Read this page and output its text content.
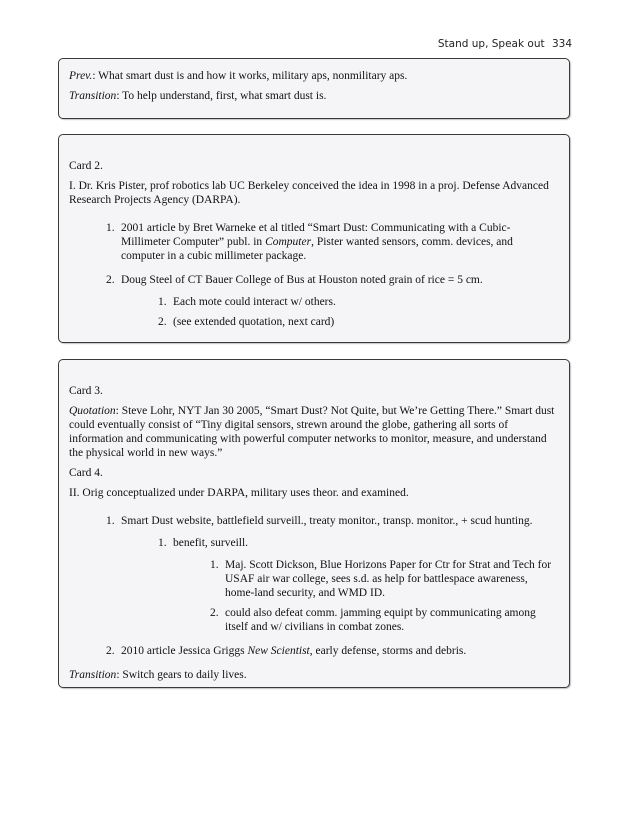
Stand up, Speak out 334

Prev.: What smart dust is and how it works, military aps, nonmilitary aps.

Transition: To help understand, first, what smart dust is.

Card 2.

I. Dr. Kris Pister, prof robotics lab UC Berkeley conceived the idea in 1998 in a proj. Defense Advanced Research Projects Agency (DARPA).

1. 2001 article by Bret Warneke et al titled “Smart Dust: Communicating with a Cubic-Millimeter Computer” publ. in Computer, Pister wanted sensors, comm. devices, and computer in a cubic millimeter package.
2. Doug Steel of CT Bauer College of Bus at Houston noted grain of rice = 5 cm.
1. Each mote could interact w/ others.
2. (see extended quotation, next card)

Card 3.

Quotation: Steve Lohr, NYT Jan 30 2005, “Smart Dust? Not Quite, but We’re Getting There.” Smart dust could eventually consist of “Tiny digital sensors, strewn around the globe, gathering all sorts of information and communicating with powerful computer networks to monitor, measure, and understand the physical world in new ways.”

Card 4.

II. Orig conceptualized under DARPA, military uses theor. and examined.

1. Smart Dust website, battlefield surveill., treaty monitor., transp. monitor., + scud hunting.
1. benefit, surveill.
1. Maj. Scott Dickson, Blue Horizons Paper for Ctr for Strat and Tech for USAF air war college, sees s.d. as help for battlespace awareness, home-land security, and WMD ID.
2. could also defeat comm. jamming equipt by communicating among itself and w/ civilians in combat zones.
2. 2010 article Jessica Griggs New Scientist, early defense, storms and debris.

Transition: Switch gears to daily lives.
